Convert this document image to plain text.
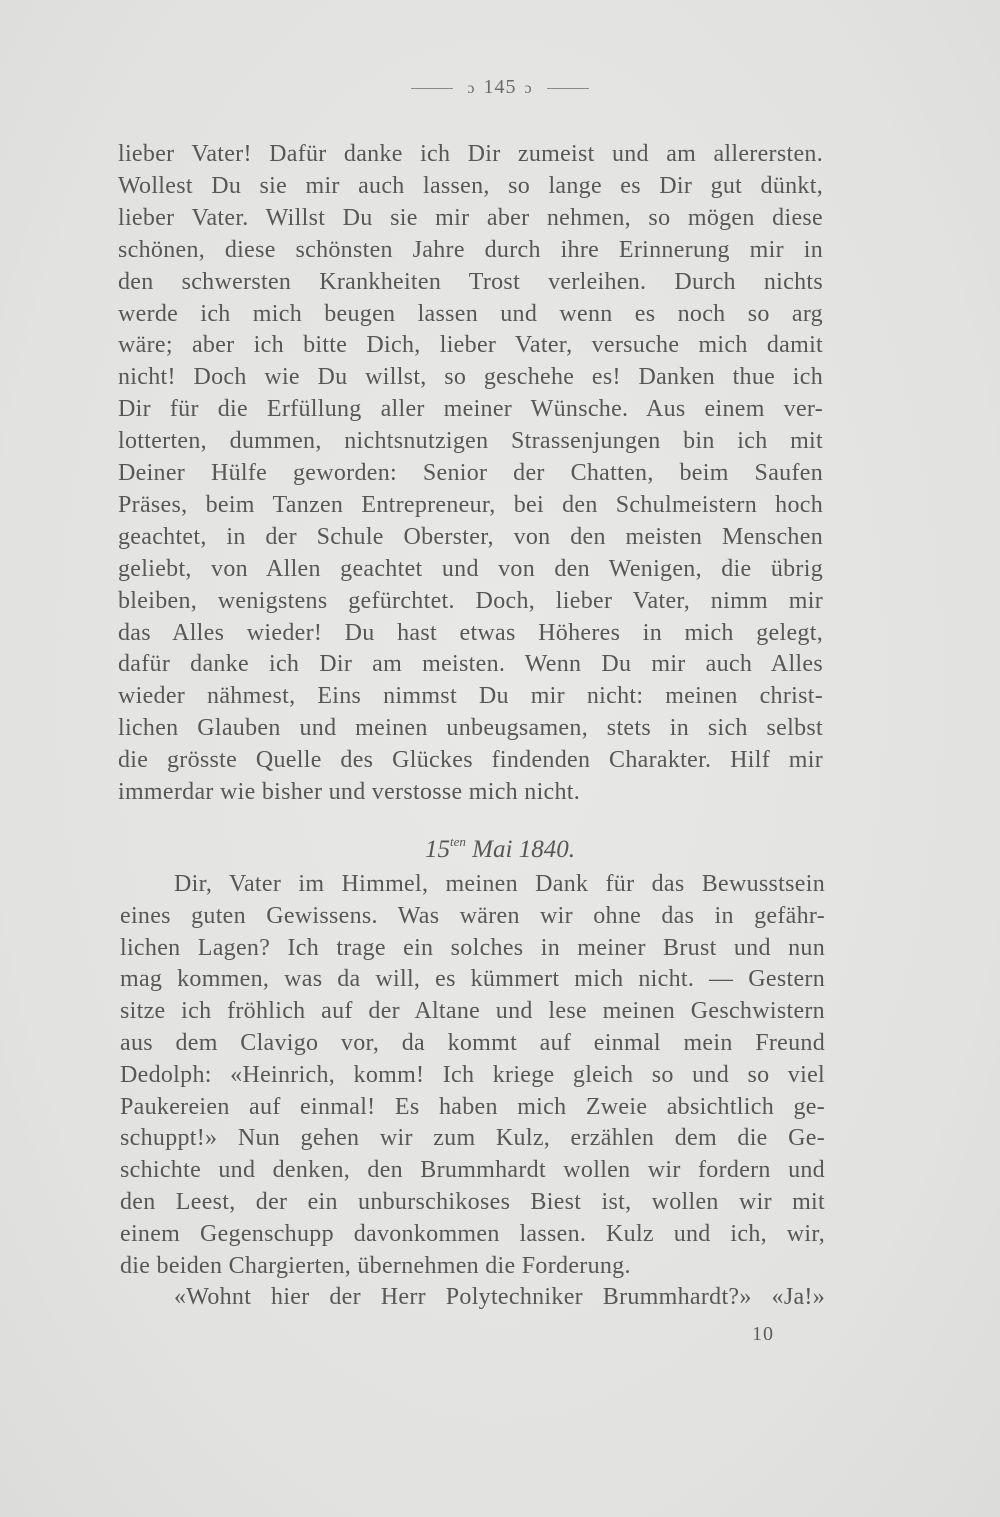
ɔ 145 ɔ
lieber Vater! Dafür danke ich Dir zumeist und am allerersten.
Wollest Du sie mir auch lassen, so lange es Dir gut dünkt,
lieber Vater. Willst Du sie mir aber nehmen, so mögen diese
schönen, diese schönsten Jahre durch ihre Erinnerung mir in
den schwersten Krankheiten Trost verleihen. Durch nichts
werde ich mich beugen lassen und wenn es noch so arg
wäre; aber ich bitte Dich, lieber Vater, versuche mich damit
nicht! Doch wie Du willst, so geschehe es! Danken thue ich
Dir für die Erfüllung aller meiner Wünsche. Aus einem ver-
lotterten, dummen, nichtsnutzigen Strassenjungen bin ich mit
Deiner Hülfe geworden: Senior der Chatten, beim Saufen
Präses, beim Tanzen Entrepreneur, bei den Schulmeistern hoch
geachtet, in der Schule Oberster, von den meisten Menschen
geliebt, von Allen geachtet und von den Wenigen, die übrig
bleiben, wenigstens gefürchtet. Doch, lieber Vater, nimm mir
das Alles wieder! Du hast etwas Höheres in mich gelegt,
dafür danke ich Dir am meisten. Wenn Du mir auch Alles
wieder nähmest, Eins nimmst Du mir nicht: meinen christ-
lichen Glauben und meinen unbeugsamen, stets in sich selbst
die grösste Quelle des Glückes findenden Charakter. Hilf mir
immerdar wie bisher und verstosse mich nicht.
$15^{ten}$ Mai 1840.
Dir, Vater im Himmel, meinen Dank für das Bewusstsein
eines guten Gewissens. Was wären wir ohne das in gefähr-
lichen Lagen? Ich trage ein solches in meiner Brust und nun
mag kommen, was da will, es kümmert mich nicht. — Gestern
sitze ich fröhlich auf der Altane und lese meinen Geschwistern
aus dem Clavigo vor, da kommt auf einmal mein Freund
Dedolph: «Heinrich, komm! Ich kriege gleich so und so viel
Paukereien auf einmal! Es haben mich Zweie absichtlich ge-
schuppt!» Nun gehen wir zum Kulz, erzählen dem die Ge-
schichte und denken, den Brummhardt wollen wir fordern und
den Leest, der ein unburschikoses Biest ist, wollen wir mit
einem Gegenschupp davonkommen lassen. Kulz und ich, wir,
die beiden Chargierten, übernehmen die Forderung.
«Wohnt hier der Herr Polytechniker Brummhardt?» «Ja!»
10
